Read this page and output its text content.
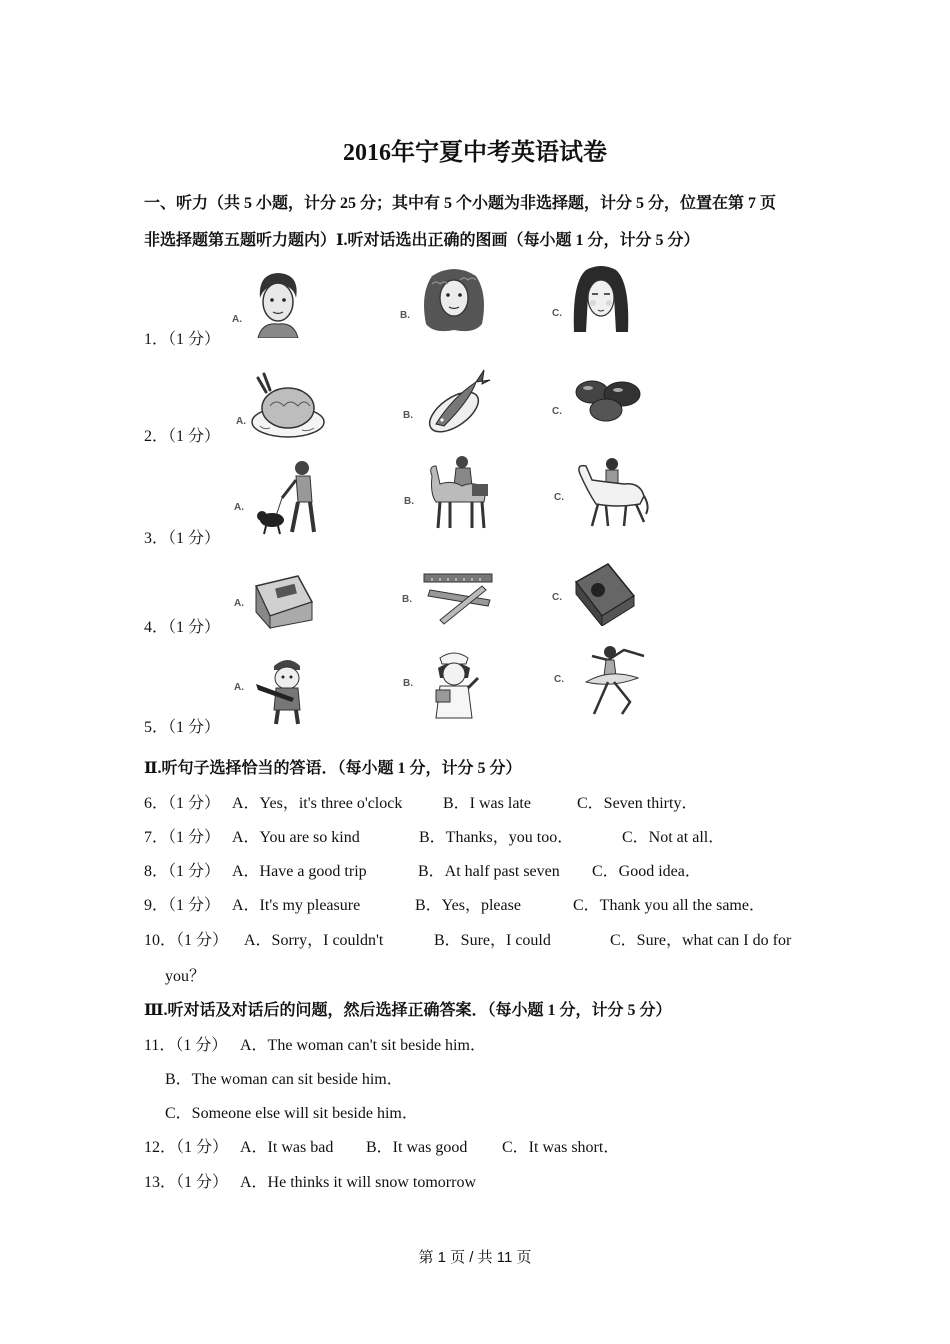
2016年宁夏中考英语试卷
一、听力（共 5 小题，计分 25 分；其中有 5 个小题为非选择题，计分 5 分，位置在第 7 页
非选择题第五题听力题内）Ⅰ.听对话选出正确的图画（每小题 1 分，计分 5 分）
1．（1 分）
A.	B.	C.
2．（1 分）
A.
B.	C.
3．（1 分）
A.
B.	C.
4．（1 分）
A.	B.	C.
5．（1 分）
A.	B.	C.
Ⅱ.听句子选择恰当的答语．（每小题 1 分，计分 5 分）
6．（1 分） A．Yes，it's three o'clock	B．I was late	C．Seven thirty．
7．（1 分） A．You are so kind	B．Thanks，you too．	C．Not at all．
8．（1 分） A．Have a good trip	B．At half past seven C．Good idea．
9．（1 分） A．It's my pleasure	B．Yes，please	C．Thank you all the same．
10．（1 分） A．Sorry，I couldn't	B．Sure，I could	C．Sure，what can I do for
you？
Ⅲ.听对话及对话后的问题，然后选择正确答案．（每小题 1 分，计分 5 分）
11．（1 分） A．The woman can't sit beside him．
B．The woman can sit beside him．
C．Someone else will sit beside him．
12．（1 分） A．It was bad B．It was good C．It was short．
13．（1 分） A．He thinks it will snow tomorrow
第 1 页 / 共 11 页
